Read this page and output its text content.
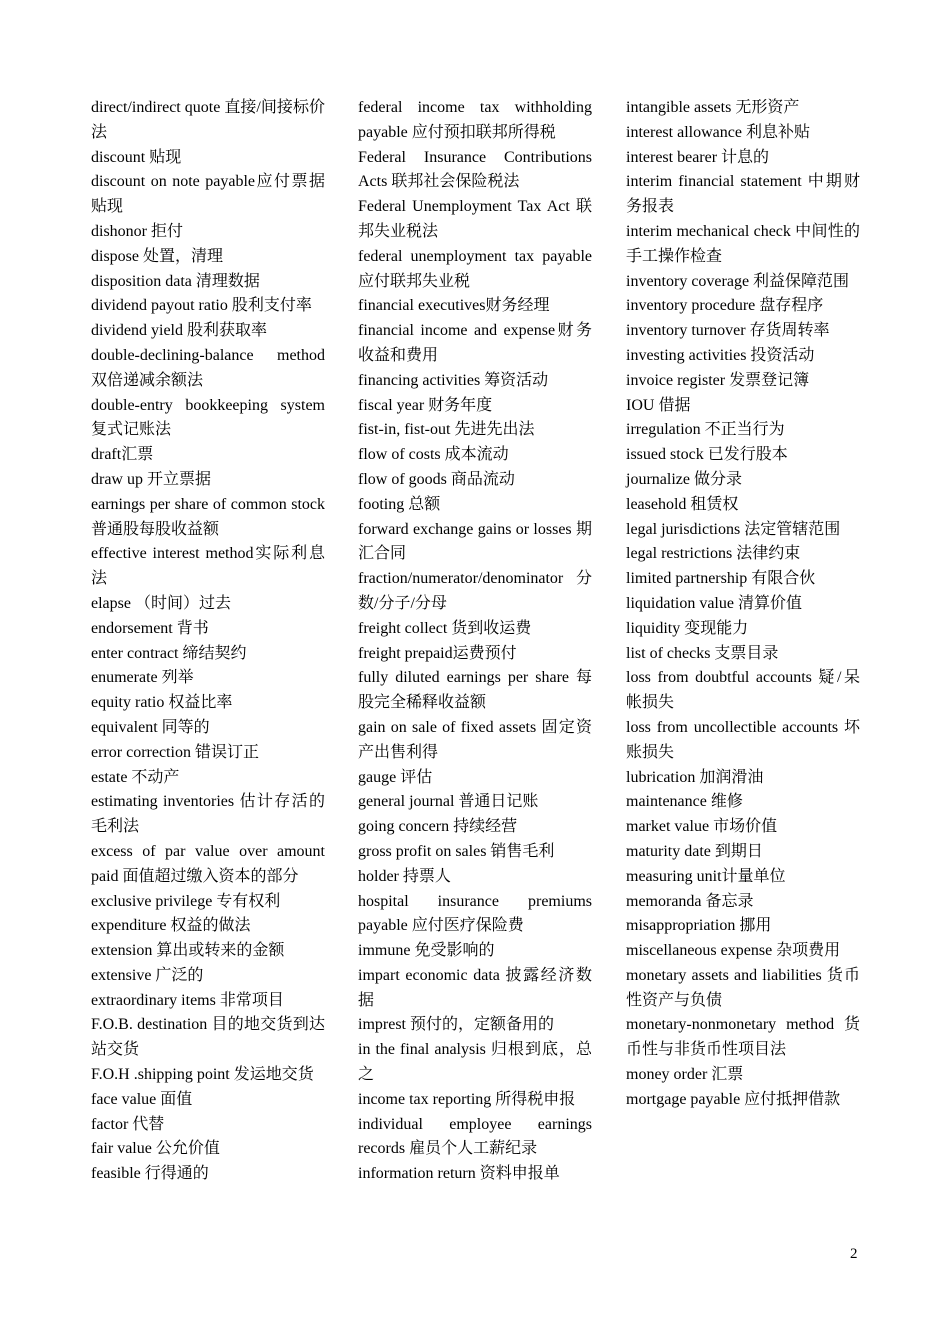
direct/indirect quote 直接/间接标价法
discount 贴现
discount on note payable应付票据贴现
dishonor 拒付
dispose 处置，清理
disposition data 清理数据
dividend payout ratio 股利支付率
dividend yield 股利获取率
double-declining-balance method 双倍递减余额法
double-entry bookkeeping system 复式记账法
draft汇票
draw up 开立票据
earnings per share of common stock 普通股每股收益额
effective interest method实际利息法
elapse （时间）过去
endorsement 背书
enter contract 缔结契约
enumerate 列举
equity ratio 权益比率
equivalent 同等的
error correction 错误订正
estate 不动产
estimating inventories 估计存活的毛利法
excess of par value over amount paid 面值超过缴入资本的部分
exclusive privilege 专有权利
expenditure 权益的做法
extension 算出或转来的金额
extensive 广泛的
extraordinary items 非常项目
F.O.B. destination 目的地交货到达站交货
F.O.H .shipping point 发运地交货
face value 面值
factor 代替
fair value 公允价值
feasible 行得通的
federal income tax withholding payable 应付预扣联邦所得税
Federal Insurance Contributions Acts 联邦社会保险税法
Federal Unemployment Tax Act 联邦失业税法
federal unemployment tax payable 应付联邦失业税
financial executives财务经理
financial income and expense财务收益和费用
financing activities 筹资活动
fiscal year 财务年度
fist-in, fist-out 先进先出法
flow of costs 成本流动
flow of goods 商品流动
footing 总额
forward exchange gains or losses 期汇合同
fraction/numerator/denominator 分数/分子/分母
freight collect 货到收运费
freight prepaid运费预付
fully diluted earnings per share 每股完全稀释收益额
gain on sale of fixed assets 固定资产出售利得
gauge 评估
general journal 普通日记账
going concern 持续经营
gross profit on sales 销售毛利
holder 持票人
hospital insurance premiums payable 应付医疗保险费
immune 免受影响的
impart economic data 披露经济数据
imprest 预付的，定额备用的
in the final analysis 归根到底，总之
income tax reporting 所得税申报
individual employee earnings records 雇员个人工薪纪录
information return 资料申报单
intangible assets 无形资产
interest allowance 利息补贴
interest bearer 计息的
interim financial statement 中期财务报表
interim mechanical check 中间性的手工操作检查
inventory coverage 利益保障范围
inventory procedure 盘存程序
inventory turnover 存货周转率
investing activities 投资活动
invoice register 发票登记簿
IOU 借据
irregulation 不正当行为
issued stock 已发行股本
journalize 做分录
leasehold 租赁权
legal jurisdictions 法定管辖范围
legal restrictions 法律约束
limited partnership 有限合伙
liquidation value 清算价值
liquidity 变现能力
list of checks 支票目录
loss from doubtful accounts 疑/呆帐损失
loss from uncollectible accounts 坏账损失
lubrication 加润滑油
maintenance 维修
market value 市场价值
maturity date 到期日
measuring unit计量单位
memoranda 备忘录
misappropriation 挪用
miscellaneous expense 杂项费用
monetary assets and liabilities 货币性资产与负债
monetary-nonmonetary method 货币性与非货币性项目法
money order 汇票
mortgage payable 应付抵押借款
2
